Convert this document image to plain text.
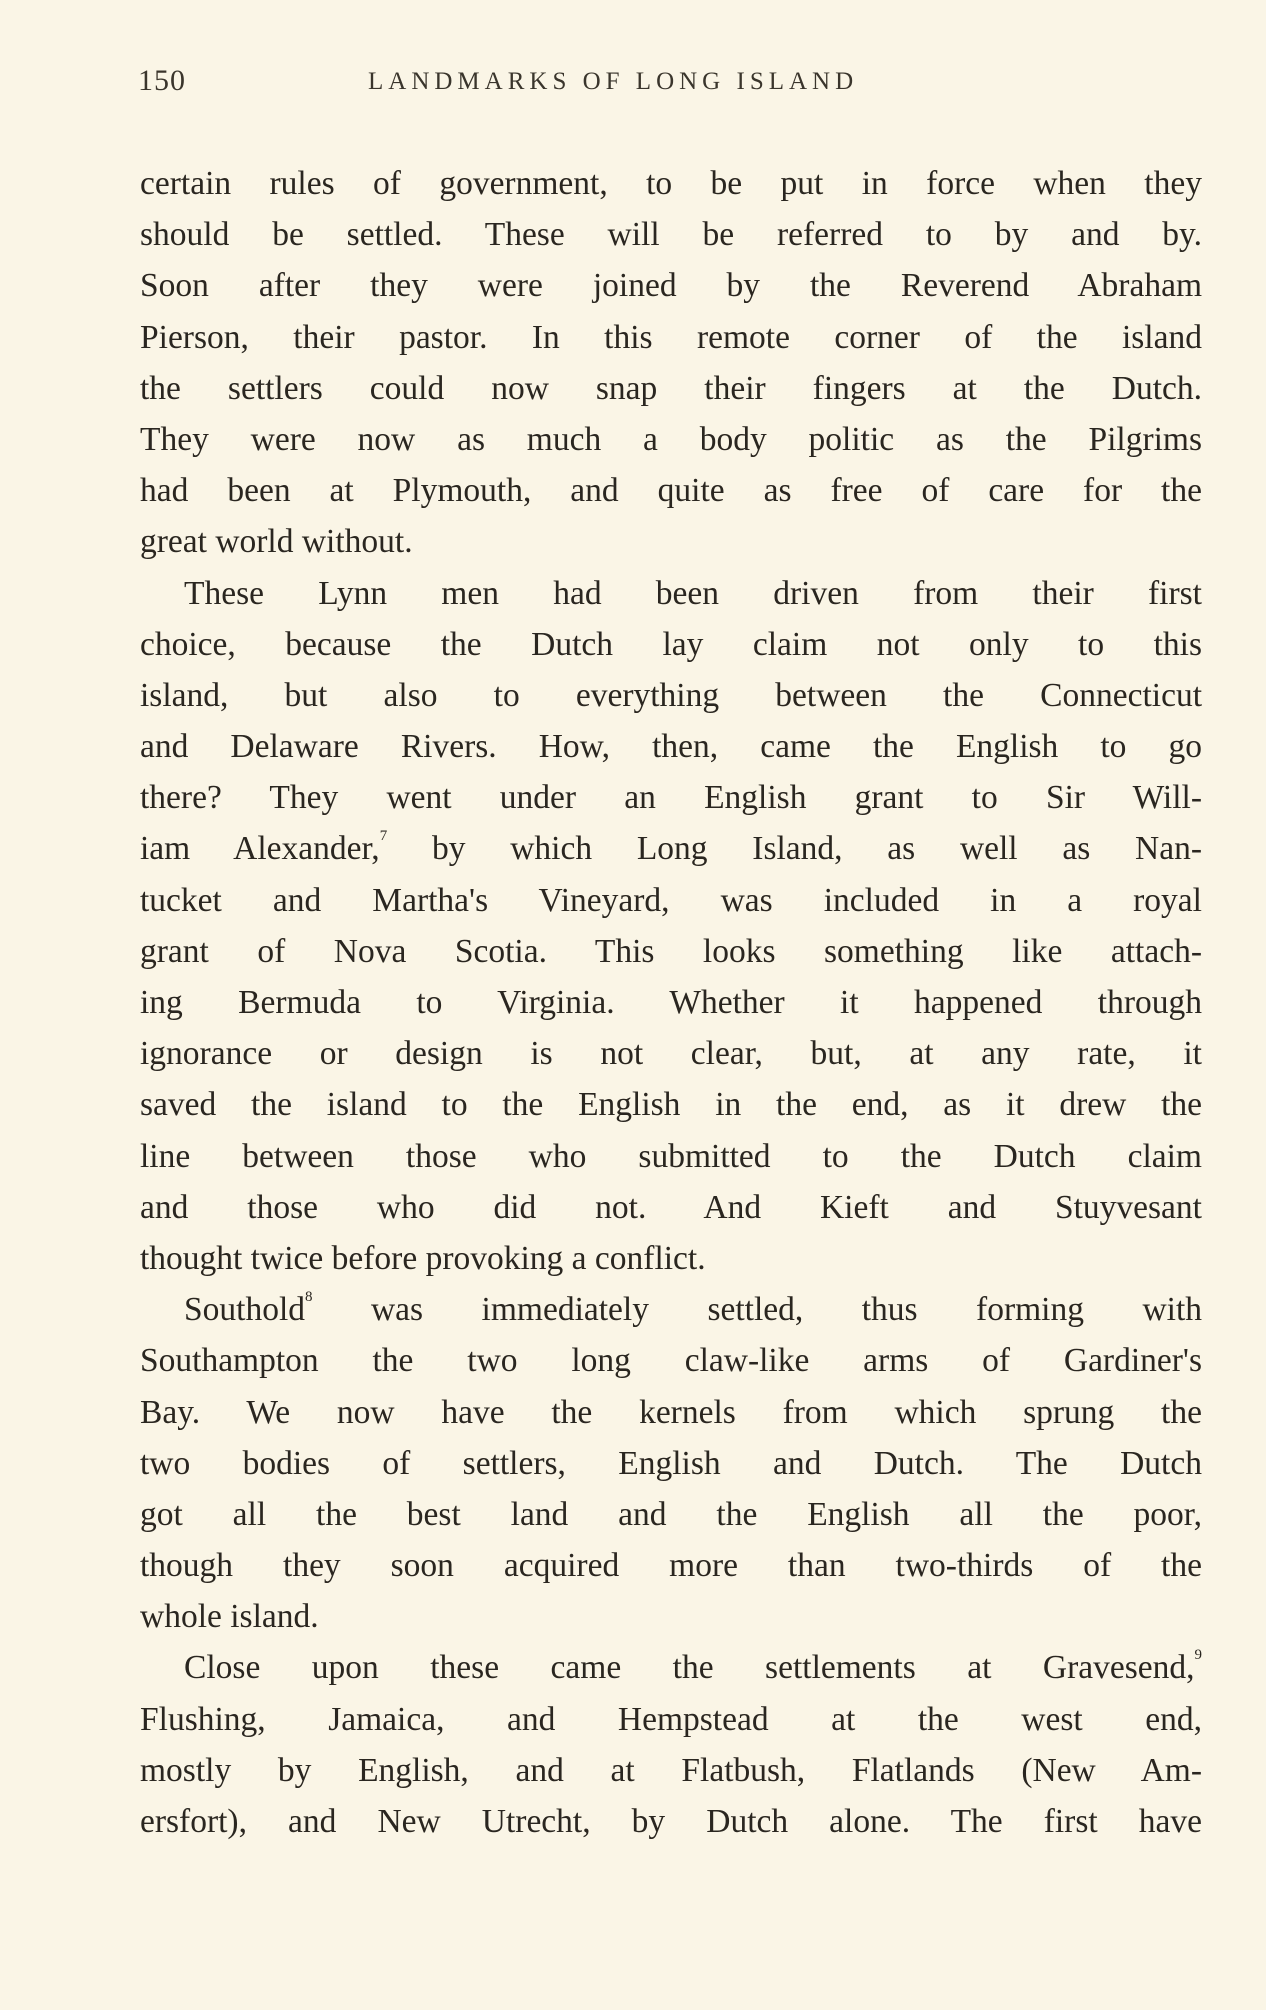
150	LANDMARKS OF LONG ISLAND
certain rules of government, to be put in force when they
should be settled. These will be referred to by and by.
Soon after they were joined by the Reverend Abraham
Pierson, their pastor. In this remote corner of the island
the settlers could now snap their fingers at the Dutch.
They were now as much a body politic as the Pilgrims
had been at Plymouth, and quite as free of care for the
great world without.
These Lynn men had been driven from their first
choice, because the Dutch lay claim not only to this
island, but also to everything between the Connecticut
and Delaware Rivers. How, then, came the English to go
there? They went under an English grant to Sir Will-
iam Alexander,$^7$ by which Long Island, as well as Nan-
tucket and Martha's Vineyard, was included in a royal
grant of Nova Scotia. This looks something like attach-
ing Bermuda to Virginia. Whether it happened through
ignorance or design is not clear, but, at any rate, it
saved the island to the English in the end, as it drew the
line between those who submitted to the Dutch claim
and those who did not. And Kieft and Stuyvesant
thought twice before provoking a conflict.
Southold$^8$ was immediately settled, thus forming with
Southampton the two long claw-like arms of Gardiner's
Bay. We now have the kernels from which sprung the
two bodies of settlers, English and Dutch. The Dutch
got all the best land and the English all the poor,
though they soon acquired more than two-thirds of the
whole island.
Close upon these came the settlements at Gravesend,$^9$
Flushing, Jamaica, and Hempstead at the west end,
mostly by English, and at Flatbush, Flatlands (New Am-
ersfort), and New Utrecht, by Dutch alone. The first have
